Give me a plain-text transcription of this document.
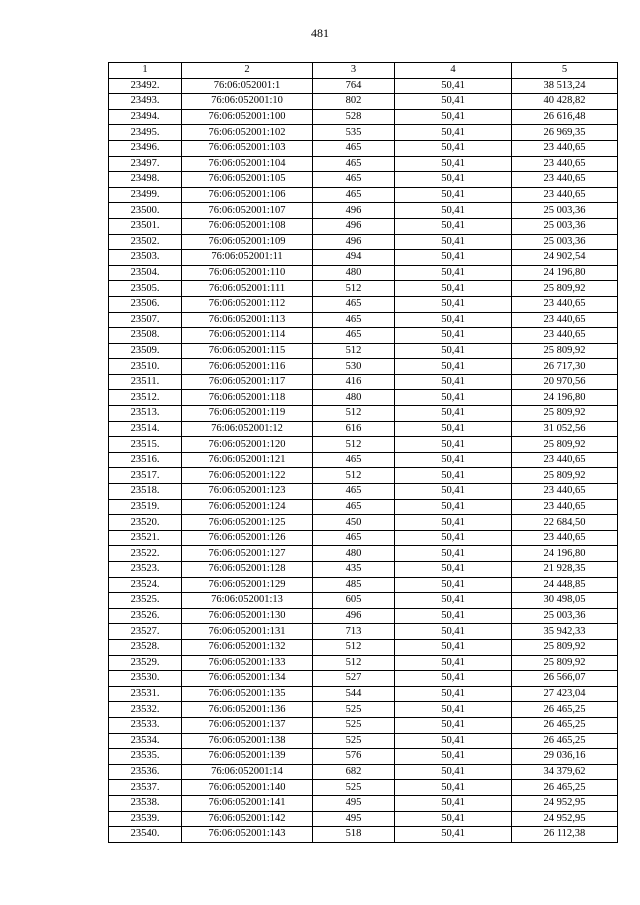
481
1	2	3	4	5
23492.	76:06:052001:1	764	50,41	38 513,24
23493.	76:06:052001:10	802	50,41	40 428,82
23494.	76:06:052001:100	528	50,41	26 616,48
23495.	76:06:052001:102	535	50,41	26 969,35
23496.	76:06:052001:103	465	50,41	23 440,65
23497.	76:06:052001:104	465	50,41	23 440,65
23498.	76:06:052001:105	465	50,41	23 440,65
23499.	76:06:052001:106	465	50,41	23 440,65
23500.	76:06:052001:107	496	50,41	25 003,36
23501.	76:06:052001:108	496	50,41	25 003,36
23502.	76:06:052001:109	496	50,41	25 003,36
23503.	76:06:052001:11	494	50,41	24 902,54
23504.	76:06:052001:110	480	50,41	24 196,80
23505.	76:06:052001:111	512	50,41	25 809,92
23506.	76:06:052001:112	465	50,41	23 440,65
23507.	76:06:052001:113	465	50,41	23 440,65
23508.	76:06:052001:114	465	50,41	23 440,65
23509.	76:06:052001:115	512	50,41	25 809,92
23510.	76:06:052001:116	530	50,41	26 717,30
23511.	76:06:052001:117	416	50,41	20 970,56
23512.	76:06:052001:118	480	50,41	24 196,80
23513.	76:06:052001:119	512	50,41	25 809,92
23514.	76:06:052001:12	616	50,41	31 052,56
23515.	76:06:052001:120	512	50,41	25 809,92
23516.	76:06:052001:121	465	50,41	23 440,65
23517.	76:06:052001:122	512	50,41	25 809,92
23518.	76:06:052001:123	465	50,41	23 440,65
23519.	76:06:052001:124	465	50,41	23 440,65
23520.	76:06:052001:125	450	50,41	22 684,50
23521.	76:06:052001:126	465	50,41	23 440,65
23522.	76:06:052001:127	480	50,41	24 196,80
23523.	76:06:052001:128	435	50,41	21 928,35
23524.	76:06:052001:129	485	50,41	24 448,85
23525.	76:06:052001:13	605	50,41	30 498,05
23526.	76:06:052001:130	496	50,41	25 003,36
23527.	76:06:052001:131	713	50,41	35 942,33
23528.	76:06:052001:132	512	50,41	25 809,92
23529.	76:06:052001:133	512	50,41	25 809,92
23530.	76:06:052001:134	527	50,41	26 566,07
23531.	76:06:052001:135	544	50,41	27 423,04
23532.	76:06:052001:136	525	50,41	26 465,25
23533.	76:06:052001:137	525	50,41	26 465,25
23534.	76:06:052001:138	525	50,41	26 465,25
23535.	76:06:052001:139	576	50,41	29 036,16
23536.	76:06:052001:14	682	50,41	34 379,62
23537.	76:06:052001:140	525	50,41	26 465,25
23538.	76:06:052001:141	495	50,41	24 952,95
23539.	76:06:052001:142	495	50,41	24 952,95
23540.	76:06:052001:143	518	50,41	26 112,38
